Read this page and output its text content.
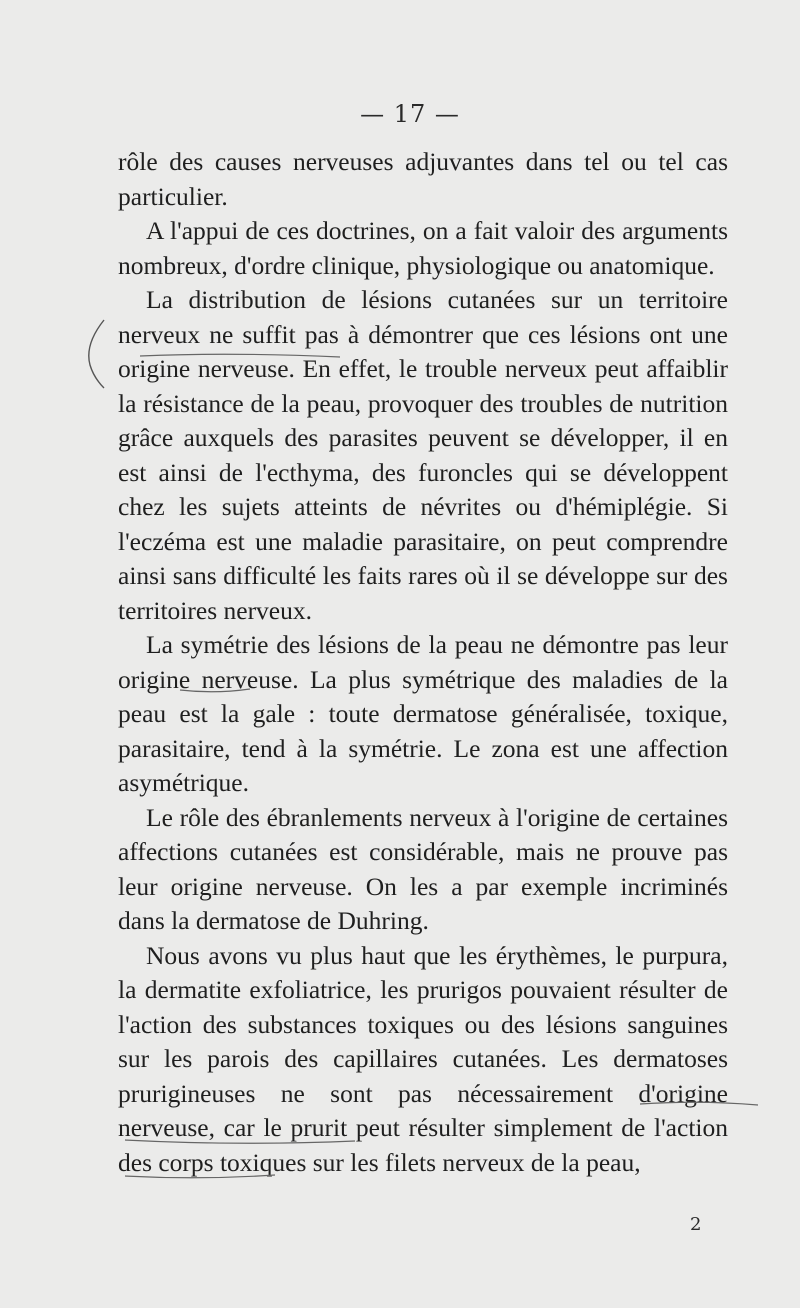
— 17 —

rôle des causes nerveuses adjuvantes dans tel ou tel cas particulier.

A l'appui de ces doctrines, on a fait valoir des arguments nombreux, d'ordre clinique, physiologique ou anatomique.

La distribution de lésions cutanées sur un territoire nerveux ne suffit pas à démontrer que ces lésions ont une origine nerveuse. En effet, le trouble nerveux peut affaiblir la résistance de la peau, provoquer des troubles de nutrition grâce auxquels des parasites peuvent se développer, il en est ainsi de l'ecthyma, des furoncles qui se développent chez les sujets atteints de névrites ou d'hémiplégie. Si l'eczéma est une maladie parasitaire, on peut comprendre ainsi sans difficulté les faits rares où il se développe sur des territoires nerveux.

La symétrie des lésions de la peau ne démontre pas leur origine nerveuse. La plus symétrique des maladies de la peau est la gale : toute dermatose généralisée, toxique, parasitaire, tend à la symétrie. Le zona est une affection asymétrique.

Le rôle des ébranlements nerveux à l'origine de certaines affections cutanées est considérable, mais ne prouve pas leur origine nerveuse. On les a par exemple incriminés dans la dermatose de Duhring.

Nous avons vu plus haut que les érythèmes, le purpura, la dermatite exfoliatrice, les prurigos pouvaient résulter de l'action des substances toxiques ou des lésions sanguines sur les parois des capillaires cutanées. Les dermatoses prurigineuses ne sont pas nécessairement d'origine nerveuse, car le prurit peut résulter simplement de l'action des corps toxiques sur les filets nerveux de la peau,

2
